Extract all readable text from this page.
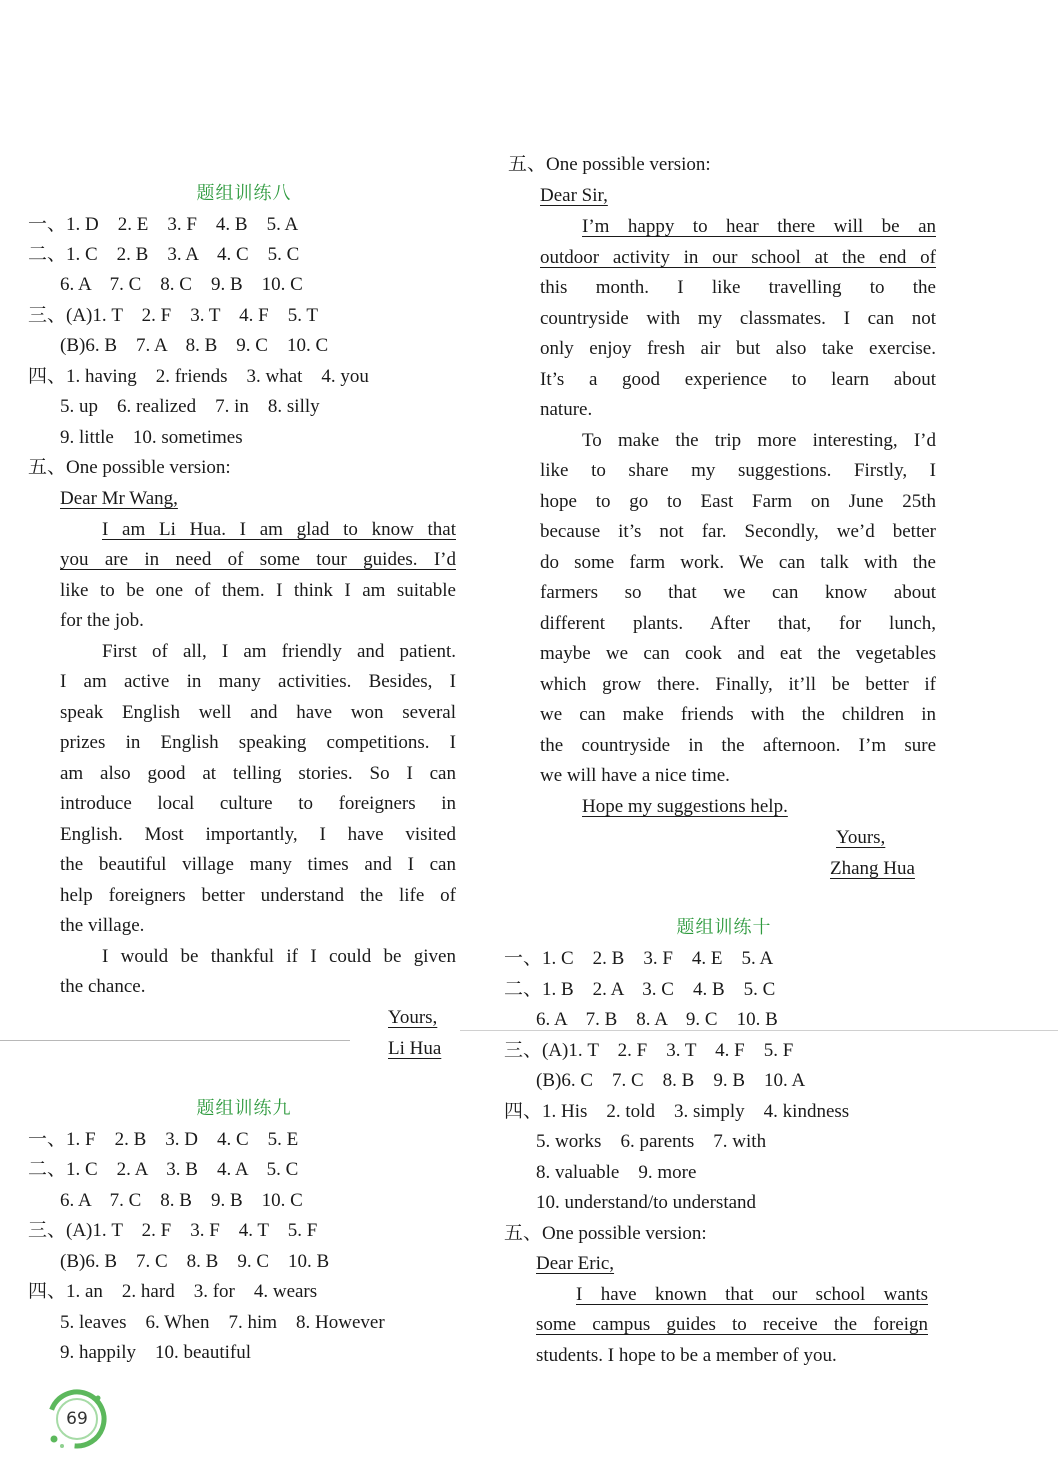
题组训练八
一、1. D　2. E　3. F　4. B　5. A
二、1. C　2. B　3. A　4. C　5. C
6. A　7. C　8. C　9. B　10. C
三、(A)1. T　2. F　3. T　4. F　5. T
(B)6. B　7. A　8. B　9. C　10. C
四、1. having　2. friends　3. what　4. you
5. up　6. realized　7. in　8. silly
9. little　10. sometimes
五、One possible version:
Dear Mr Wang,
I am Li Hua. I am glad to know that
you are in need of some tour guides. I’d
like to be one of them. I think I am suitable
for the job.
First of all, I am friendly and patient.
I am active in many activities. Besides, I
speak English well and have won several
prizes in English speaking competitions. I
am also good at telling stories. So I can
introduce local culture to foreigners in
English. Most importantly, I have visited
the beautiful village many times and I can
help foreigners better understand the life of
the village.
I would be thankful if I could be given
the chance.
Yours,
Li Hua
题组训练九
一、1. F　2. B　3. D　4. C　5. E
二、1. C　2. A　3. B　4. A　5. C
6. A　7. C　8. B　9. B　10. C
三、(A)1. T　2. F　3. F　4. T　5. F
(B)6. B　7. C　8. B　9. C　10. B
四、1. an　2. hard　3. for　4. wears
5. leaves　6. When　7. him　8. However
9. happily　10. beautiful
五、One possible version:
Dear Sir,
I’m happy to hear there will be an
outdoor activity in our school at the end of
this month. I like travelling to the
countryside with my classmates. I can not
only enjoy fresh air but also take exercise.
It’s a good experience to learn about
nature.
To make the trip more interesting, I’d
like to share my suggestions. Firstly, I
hope to go to East Farm on June 25th
because it’s not far. Secondly, we’d better
do some farm work. We can talk with the
farmers so that we can know about
different plants. After that, for lunch,
maybe we can cook and eat the vegetables
which grow there. Finally, it’ll be better if
we can make friends with the children in
the countryside in the afternoon. I’m sure
we will have a nice time.
Hope my suggestions help.
Yours,
Zhang Hua
题组训练十
一、1. C　2. B　3. F　4. E　5. A
二、1. B　2. A　3. C　4. B　5. C
6. A　7. B　8. A　9. C　10. B
三、(A)1. T　2. F　3. T　4. F　5. F
(B)6. C　7. C　8. B　9. B　10. A
四、1. His　2. told　3. simply　4. kindness
5. works　6. parents　7. with
8. valuable　9. more
10. understand/to understand
五、One possible version:
Dear Eric,
I have known that our school wants
some campus guides to receive the foreign
students. I hope to be a member of you.
69
